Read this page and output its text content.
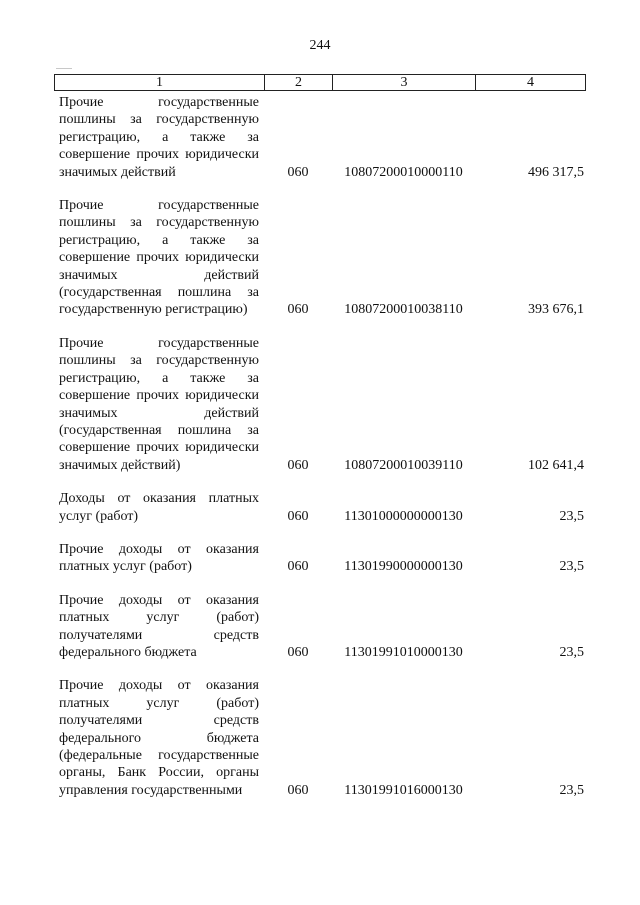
244
1	2	3	4
Прочие государственные пошлины за государственную регистрацию, а также за совершение прочих юридически значимых действий	060	10807200010000110	496 317,5
Прочие государственные пошлины за государственную регистрацию, а также за совершение прочих юридически значимых действий (государственная пошлина за государственную регистрацию)	060	10807200010038110	393 676,1
Прочие государственные пошлины за государственную регистрацию, а также за совершение прочих юридически значимых действий (государственная пошлина за совершение прочих юридически значимых действий)	060	10807200010039110	102 641,4
Доходы от оказания платных услуг (работ)	060	11301000000000130	23,5
Прочие доходы от оказания платных услуг (работ)	060	11301990000000130	23,5
Прочие доходы от оказания платных услуг (работ) получателями средств федерального бюджета	060	11301991010000130	23,5
Прочие доходы от оказания платных услуг (работ) получателями средств федерального бюджета (федеральные государственные органы, Банк России, органы управления государственными	060	11301991016000130	23,5
